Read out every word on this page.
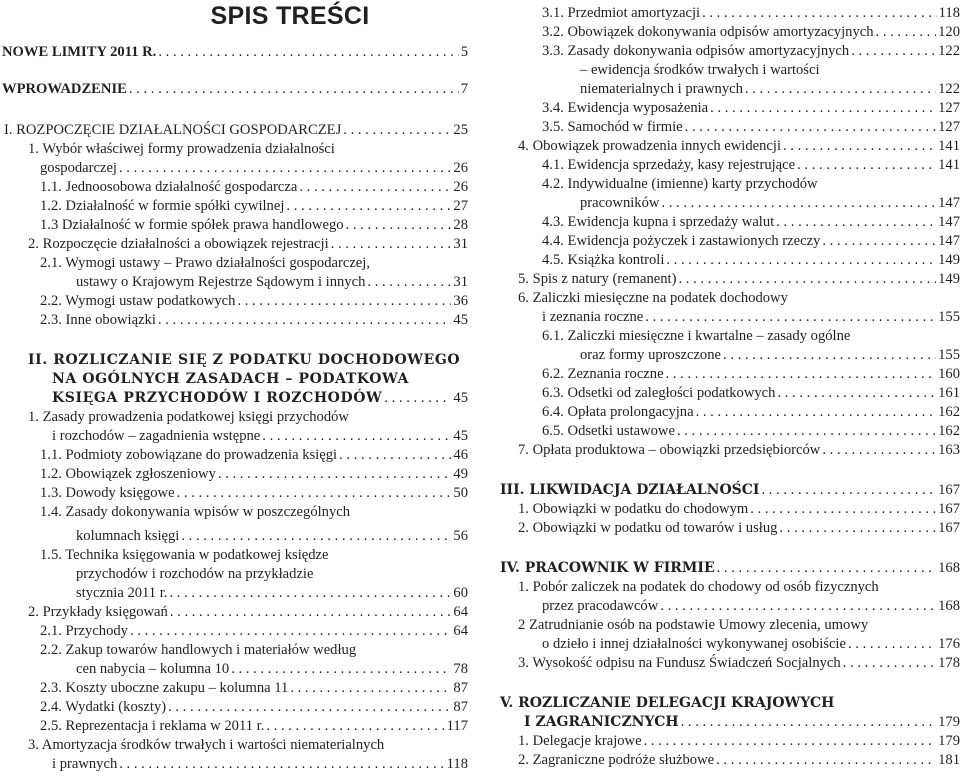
SPIS TREŚCI
NOWE LIMITY 2011 R. . . .	5
WPROWADZENIE . . .	7
I. ROZPOCZĘCIE DZIAŁALNOŚCI GOSPODARCZEJ . . .	25
1. Wybór właściwej formy prowadzenia działalności
gospodarczej . . .	26
1.1. Jednoosobowa działalność gospodarcza . . .	26
1.2. Działalność w formie spółki cywilnej . . .	27
1.3 Działalność w formie spółek prawa handlowego . . .	28
2. Rozpoczęcie działalności a obowiązek rejestracji . . .	31
2.1. Wymogi ustawy – Prawo działalności gospodarczej,
ustawy o Krajowym Rejestrze Sądowym i innych . . .	31
2.2. Wymogi ustaw podatkowych . . .	36
2.3. Inne obowiązki . . .	45
II. ROZLICZANIE SIĘ Z PODATKU DOCHODOWEGO
NA OGÓLNYCH ZASADACH – PODATKOWA
KSIĘGA PRZYCHODÓW I ROZCHODÓW . . .	45
1. Zasady prowadzenia podatkowej księgi przychodów
i rozchodów – zagadnienia wstępne . . .	45
1.1. Podmioty zobowiązane do prowadzenia księgi . . .	46
1.2. Obowiązek zgłoszeniowy . . .	49
1.3. Dowody księgowe . . .	50
1.4. Zasady dokonywania wpisów w poszczególnych
kolumnach księgi . . .	56
1.5. Technika księgowania w podatkowej księdze
przychodów i rozchodów na przykładzie
stycznia 2011 r. . . .	60
2. Przykłady księgowań . . .	64
2.1. Przychody . . .	64
2.2. Zakup towarów handlowych i materiałów według
cen nabycia – kolumna 10 . . .	78
2.3. Koszty uboczne zakupu – kolumna 11 . . .	87
2.4. Wydatki (koszty) . . .	87
2.5. Reprezentacja i reklama w 2011 r. . . .	117
3. Amortyzacja środków trwałych i wartości niematerialnych
i prawnych . . .	118
3.1. Przedmiot amortyzacji . . .	118
3.2. Obowiązek dokonywania odpisów amortyzacyjnych . . .	120
3.3. Zasady dokonywania odpisów amortyzacyjnych . . .	122
– ewidencja środków trwałych i wartości
niematerialnych i prawnych . . .	122
3.4. Ewidencja wyposażenia . . .	127
3.5. Samochód w firmie . . .	127
4. Obowiązek prowadzenia innych ewidencji . . .	141
4.1. Ewidencja sprzedaży, kasy rejestrujące . . .	141
4.2. Indywidualne (imienne) karty przychodów
pracowników . . .	147
4.3. Ewidencja kupna i sprzedaży walut . . .	147
4.4. Ewidencja pożyczek i zastawionych rzeczy . . .	147
4.5. Książka kontroli . . .	149
5. Spis z natury (remanent) . . .	149
6. Zaliczki miesięczne na podatek dochodowy
i zeznania roczne . . .	155
6.1. Zaliczki miesięczne i kwartalne – zasady ogólne
oraz formy uproszczone . . .	155
6.2. Zeznania roczne . . .	160
6.3. Odsetki od zaległości podatkowych . . .	161
6.4. Opłata prolongacyjna . . .	162
6.5. Odsetki ustawowe . . .	162
7. Opłata produktowa – obowiązki przedsiębiorców . . .	163
III. LIKWIDACJA DZIAŁALNOŚCI . . .	167
1. Obowiązki w podatku do chodowym . . .	167
2. Obowiązki w podatku od towarów i usług . . .	167
IV. PRACOWNIK W FIRMIE . . .	168
1. Pobór zaliczek na podatek do chodowy od osób fizycznych
przez pracodawców . . .	168
2 Zatrudnianie osób na podstawie Umowy zlecenia, umowy
o dzieło i innej działalności wykonywanej osobiście . . .	176
3. Wysokość odpisu na Fundusz Świadczeń Socjalnych . . .	178
V. ROZLICZANIE DELEGACJI KRAJOWYCH
I ZAGRANICZNYCH . . .	179
1. Delegacje krajowe . . .	179
2. Zagraniczne podróże służbowe . . .	181
